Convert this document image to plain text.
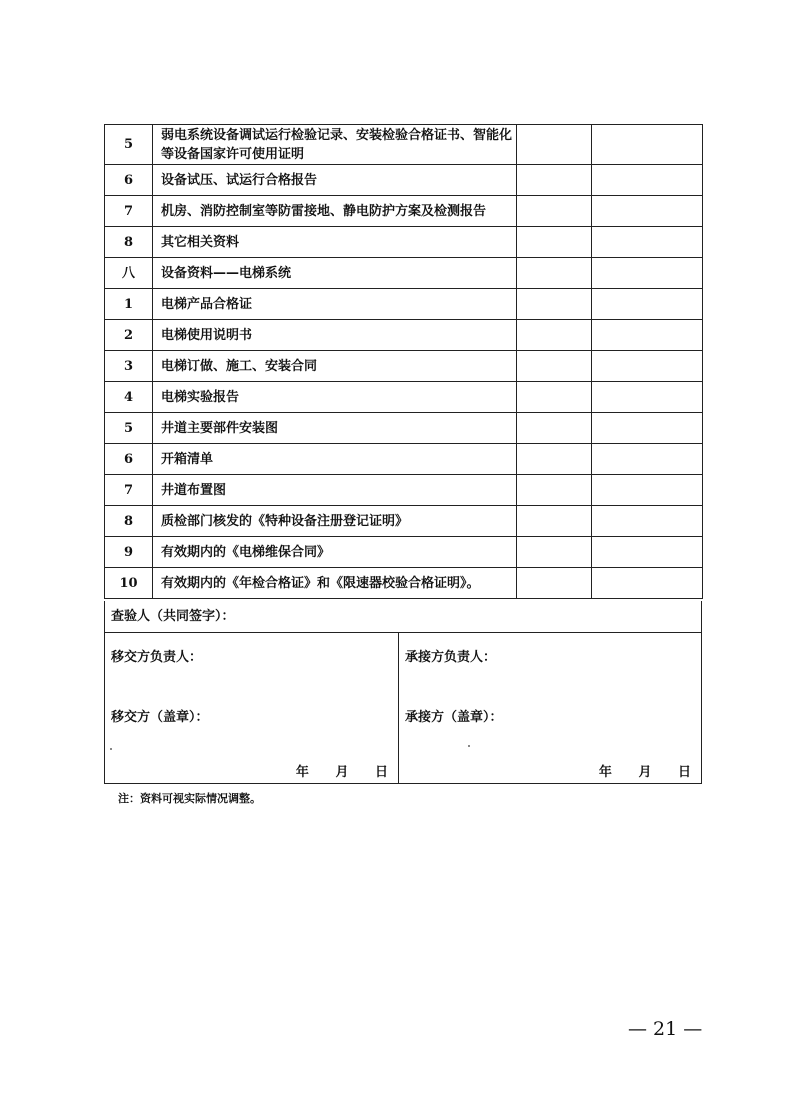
5	弱电系统设备调试运行检验记录、安装检验合格证书、智能化等设备国家许可使用证明		
6	设备试压、试运行合格报告		
7	机房、消防控制室等防雷接地、静电防护方案及检测报告		
8	其它相关资料		
八	设备资料——电梯系统		
1	电梯产品合格证		
2	电梯使用说明书		
3	电梯订做、施工、安装合同		
4	电梯实验报告		
5	井道主要部件安装图		
6	开箱清单		
7	井道布置图		
8	质检部门核发的《特种设备注册登记证明》		
9	有效期内的《电梯维保合同》		
10	有效期内的《年检合格证》和《限速器校验合格证明》。		
查验人（共同签字）：
移交方负责人：
移交方（盖章）：
年 月 日
承接方负责人：
承接方（盖章）：
年 月 日
注：资料可视实际情况调整。
— 21 —
